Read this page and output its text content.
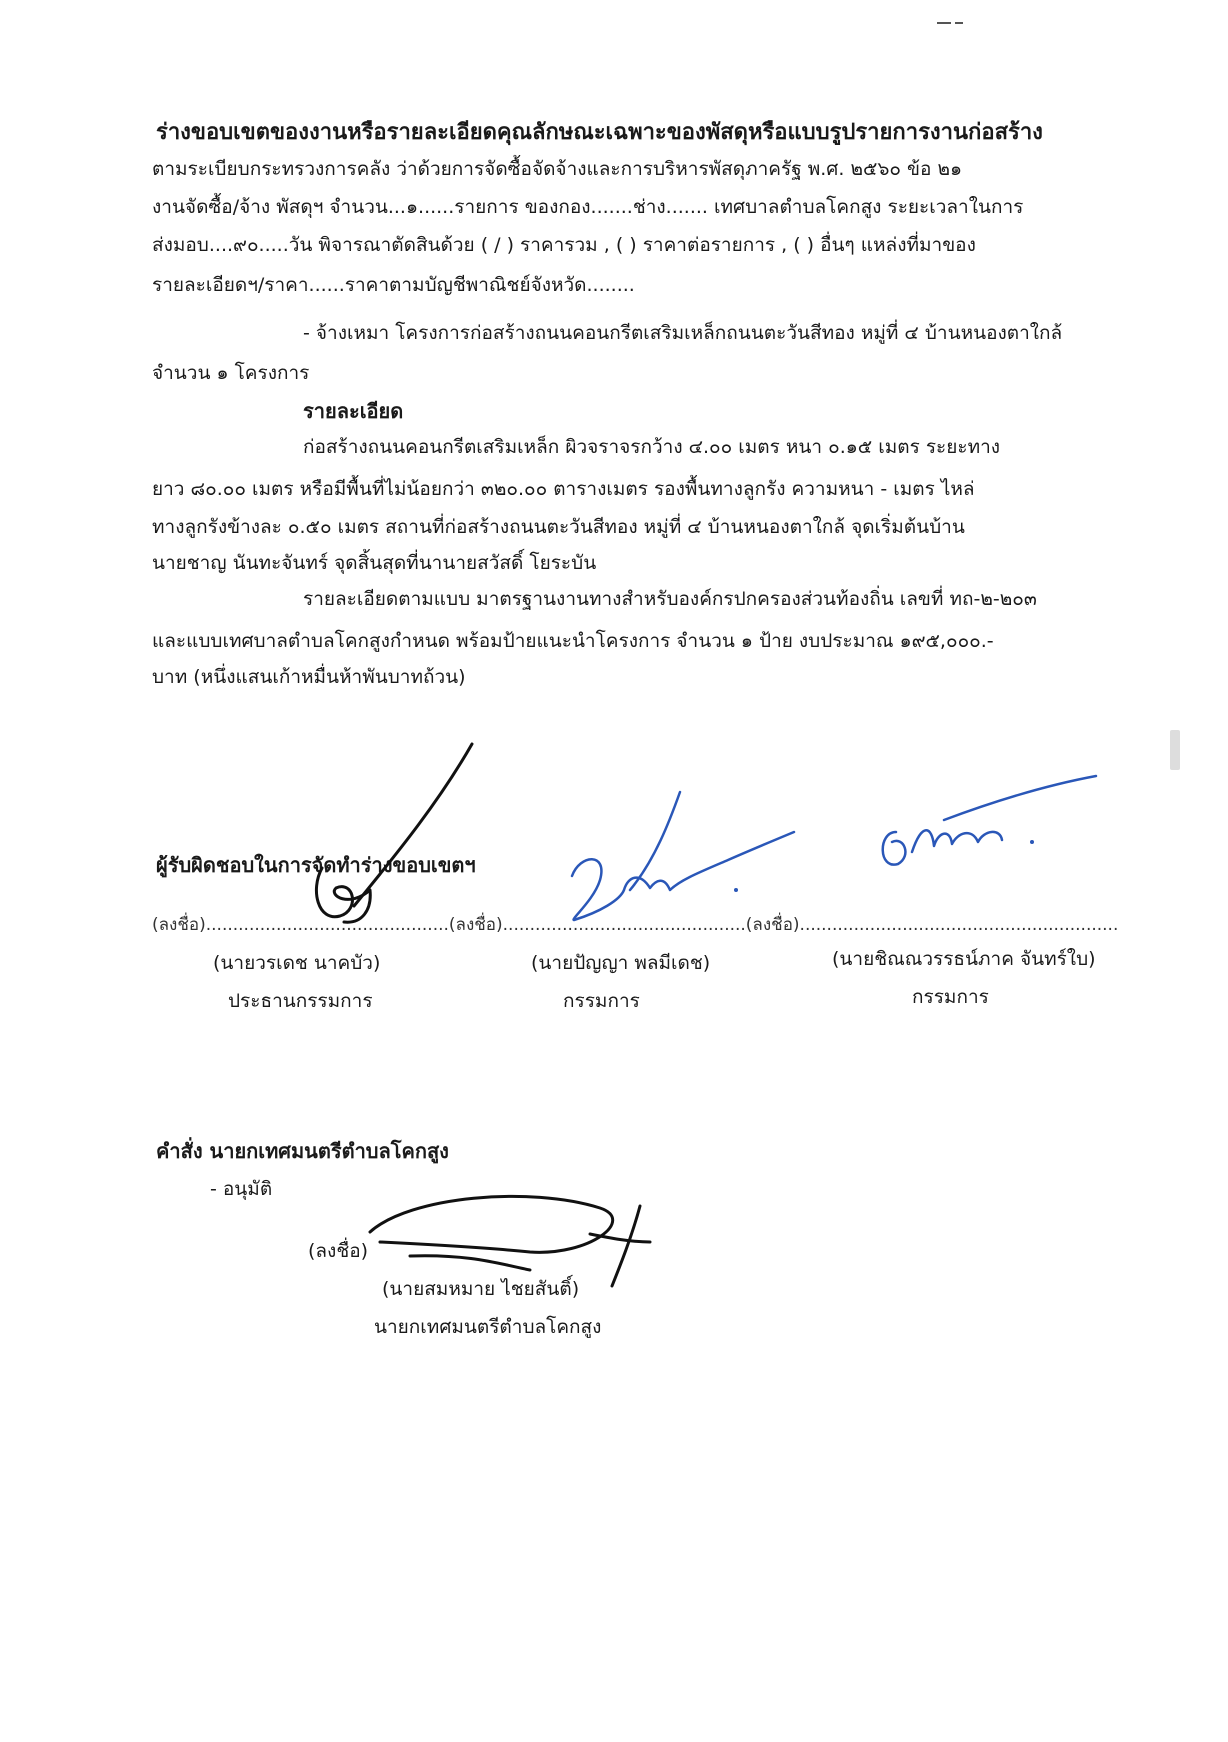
ร่างขอบเขตของงานหรือรายละเอียดคุณลักษณะเฉพาะของพัสดุหรือแบบรูปรายการงานก่อสร้าง
ตามระเบียบกระทรวงการคลัง ว่าด้วยการจัดซื้อจัดจ้างและการบริหารพัสดุภาครัฐ พ.ศ. ๒๕๖๐ ข้อ ๒๑
งานจัดซื้อ/จ้าง พัสดุฯ จำนวน...๑......รายการ ของกอง.......ช่าง....... เทศบาลตำบลโคกสูง ระยะเวลาในการ
ส่งมอบ....๙๐.....วัน พิจารณาตัดสินด้วย ( / ) ราคารวม , ( ) ราคาต่อรายการ , ( ) อื่นๆ แหล่งที่มาของ
รายละเอียดฯ/ราคา......ราคาตามบัญชีพาณิชย์จังหวัด........
- จ้างเหมา โครงการก่อสร้างถนนคอนกรีตเสริมเหล็กถนนตะวันสีทอง หมู่ที่ ๔ บ้านหนองตาใกล้
จำนวน ๑ โครงการ
รายละเอียด
ก่อสร้างถนนคอนกรีตเสริมเหล็ก ผิวจราจรกว้าง ๔.๐๐ เมตร หนา ๐.๑๕ เมตร ระยะทาง
ยาว ๘๐.๐๐ เมตร หรือมีพื้นที่ไม่น้อยกว่า ๓๒๐.๐๐ ตารางเมตร รองพื้นทางลูกรัง ความหนา - เมตร ไหล่
ทางลูกรังข้างละ ๐.๕๐ เมตร สถานที่ก่อสร้างถนนตะวันสีทอง หมู่ที่ ๔ บ้านหนองตาใกล้ จุดเริ่มต้นบ้าน
นายชาญ นันทะจันทร์ จุดสิ้นสุดที่นานายสวัสดิ์ โยระบัน
รายละเอียดตามแบบ มาตรฐานงานทางสำหรับองค์กรปกครองส่วนท้องถิ่น เลขที่ ทถ-๒-๒๐๓
และแบบเทศบาลตำบลโคกสูงกำหนด พร้อมป้ายแนะนำโครงการ จำนวน ๑ ป้าย งบประมาณ ๑๙๕,๐๐๐.-
บาท (หนึ่งแสนเก้าหมื่นห้าพันบาทถ้วน)
ผู้รับผิดชอบในการจัดทำร่างขอบเขตฯ
(ลงชื่อ).............................................(ลงชื่อ).............................................(ลงชื่อ)...........................................................
(นายวรเดช นาคบัว)
ประธานกรรมการ
(นายปัญญา พลมีเดช)
กรรมการ
(นายชิณณวรรธน์ภาค จันทร์ใบ)
กรรมการ
คำสั่ง นายกเทศมนตรีตำบลโคกสูง
- อนุมัติ
(ลงชื่อ)
(นายสมหมาย ไชยสันติ์)
นายกเทศมนตรีตำบลโคกสูง
